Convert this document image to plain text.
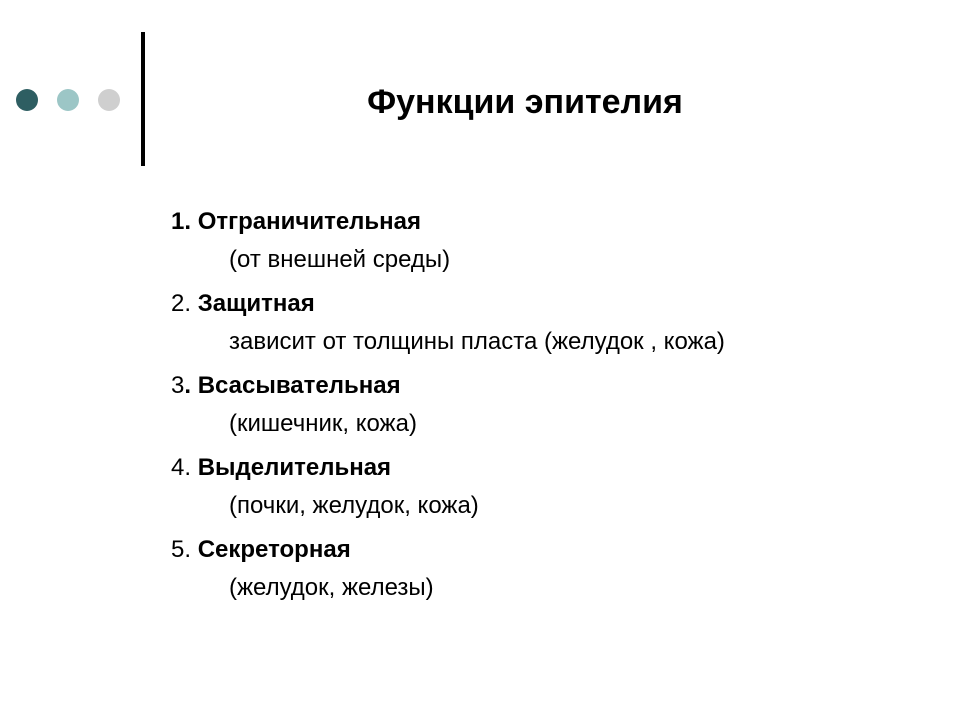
Функции эпителия

1. Отграничительная

(от внешней среды)

2. Защитная

зависит от толщины пласта (желудок , кожа)

3. Всасывательная

(кишечник, кожа)

4. Выделительная

(почки, желудок, кожа)

5. Секреторная

(желудок, железы)
